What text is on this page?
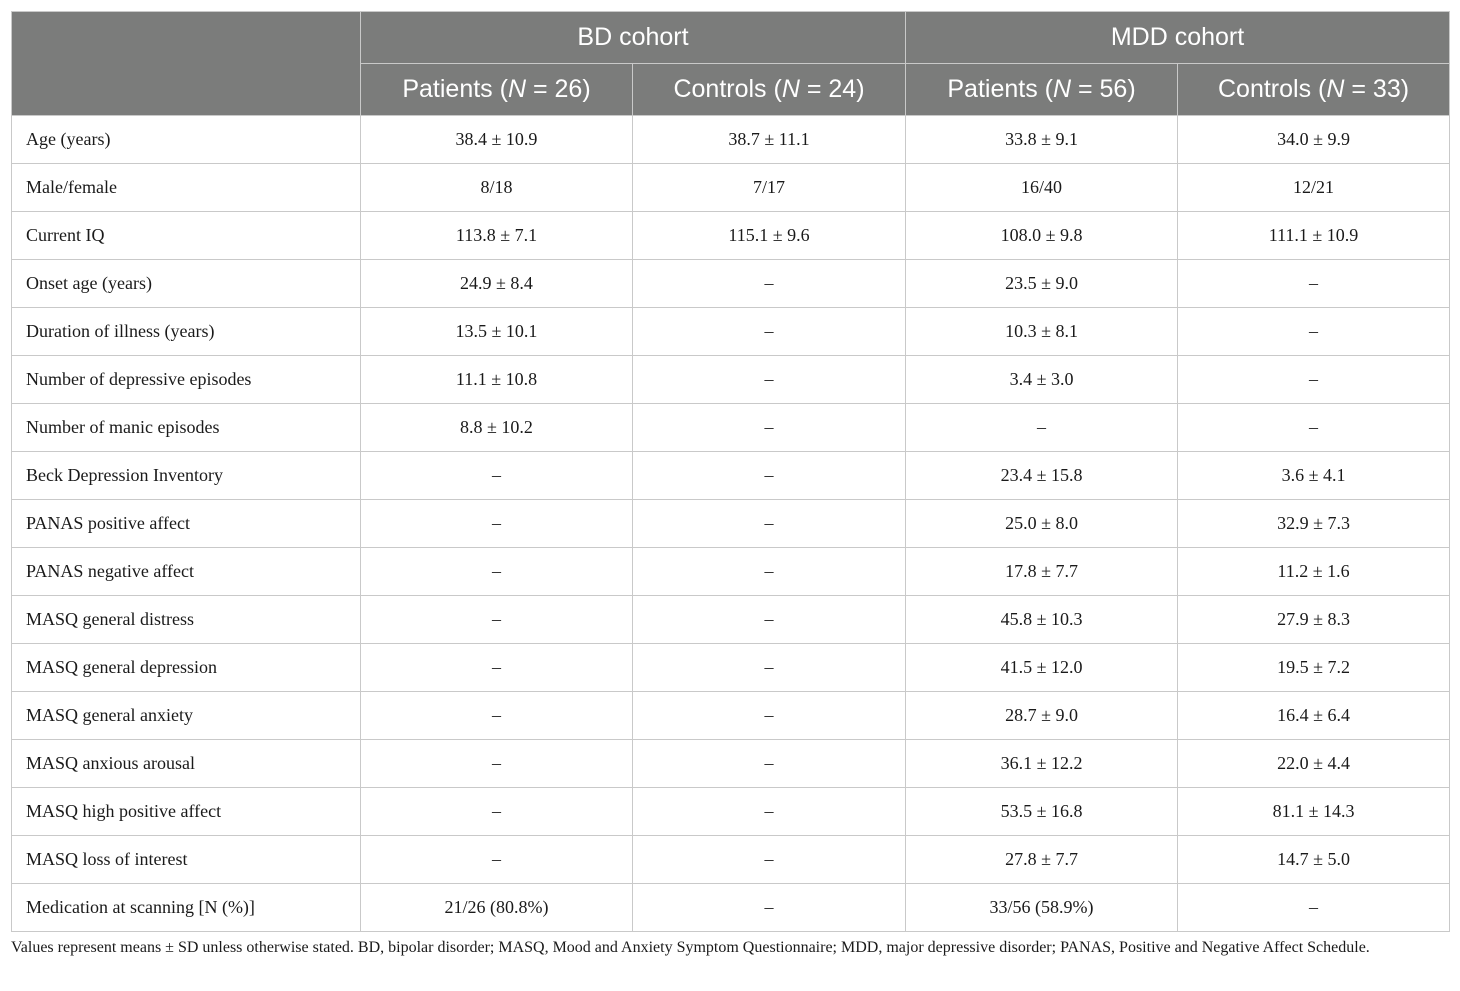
	BD cohort		MDD cohort	
	Patients (N = 26)	Controls (N = 24)	Patients (N = 56)	Controls (N = 33)
Age (years)	38.4 ± 10.9	38.7 ± 11.1	33.8 ± 9.1	34.0 ± 9.9
Male/female	8/18	7/17	16/40	12/21
Current IQ	113.8 ± 7.1	115.1 ± 9.6	108.0 ± 9.8	111.1 ± 10.9
Onset age (years)	24.9 ± 8.4	–	23.5 ± 9.0	–
Duration of illness (years)	13.5 ± 10.1	–	10.3 ± 8.1	–
Number of depressive episodes	11.1 ± 10.8	–	3.4 ± 3.0	–
Number of manic episodes	8.8 ± 10.2	–	–	–
Beck Depression Inventory	–	–	23.4 ± 15.8	3.6 ± 4.1
PANAS positive affect	–	–	25.0 ± 8.0	32.9 ± 7.3
PANAS negative affect	–	–	17.8 ± 7.7	11.2 ± 1.6
MASQ general distress	–	–	45.8 ± 10.3	27.9 ± 8.3
MASQ general depression	–	–	41.5 ± 12.0	19.5 ± 7.2
MASQ general anxiety	–	–	28.7 ± 9.0	16.4 ± 6.4
MASQ anxious arousal	–	–	36.1 ± 12.2	22.0 ± 4.4
MASQ high positive affect	–	–	53.5 ± 16.8	81.1 ± 14.3
MASQ loss of interest	–	–	27.8 ± 7.7	14.7 ± 5.0
Medication at scanning [N (%)]	21/26 (80.8%)	–	33/56 (58.9%)	–
Values represent means ± SD unless otherwise stated. BD, bipolar disorder; MASQ, Mood and Anxiety Symptom Questionnaire; MDD, major depressive disorder; PANAS, Positive and Negative Affect Schedule.
